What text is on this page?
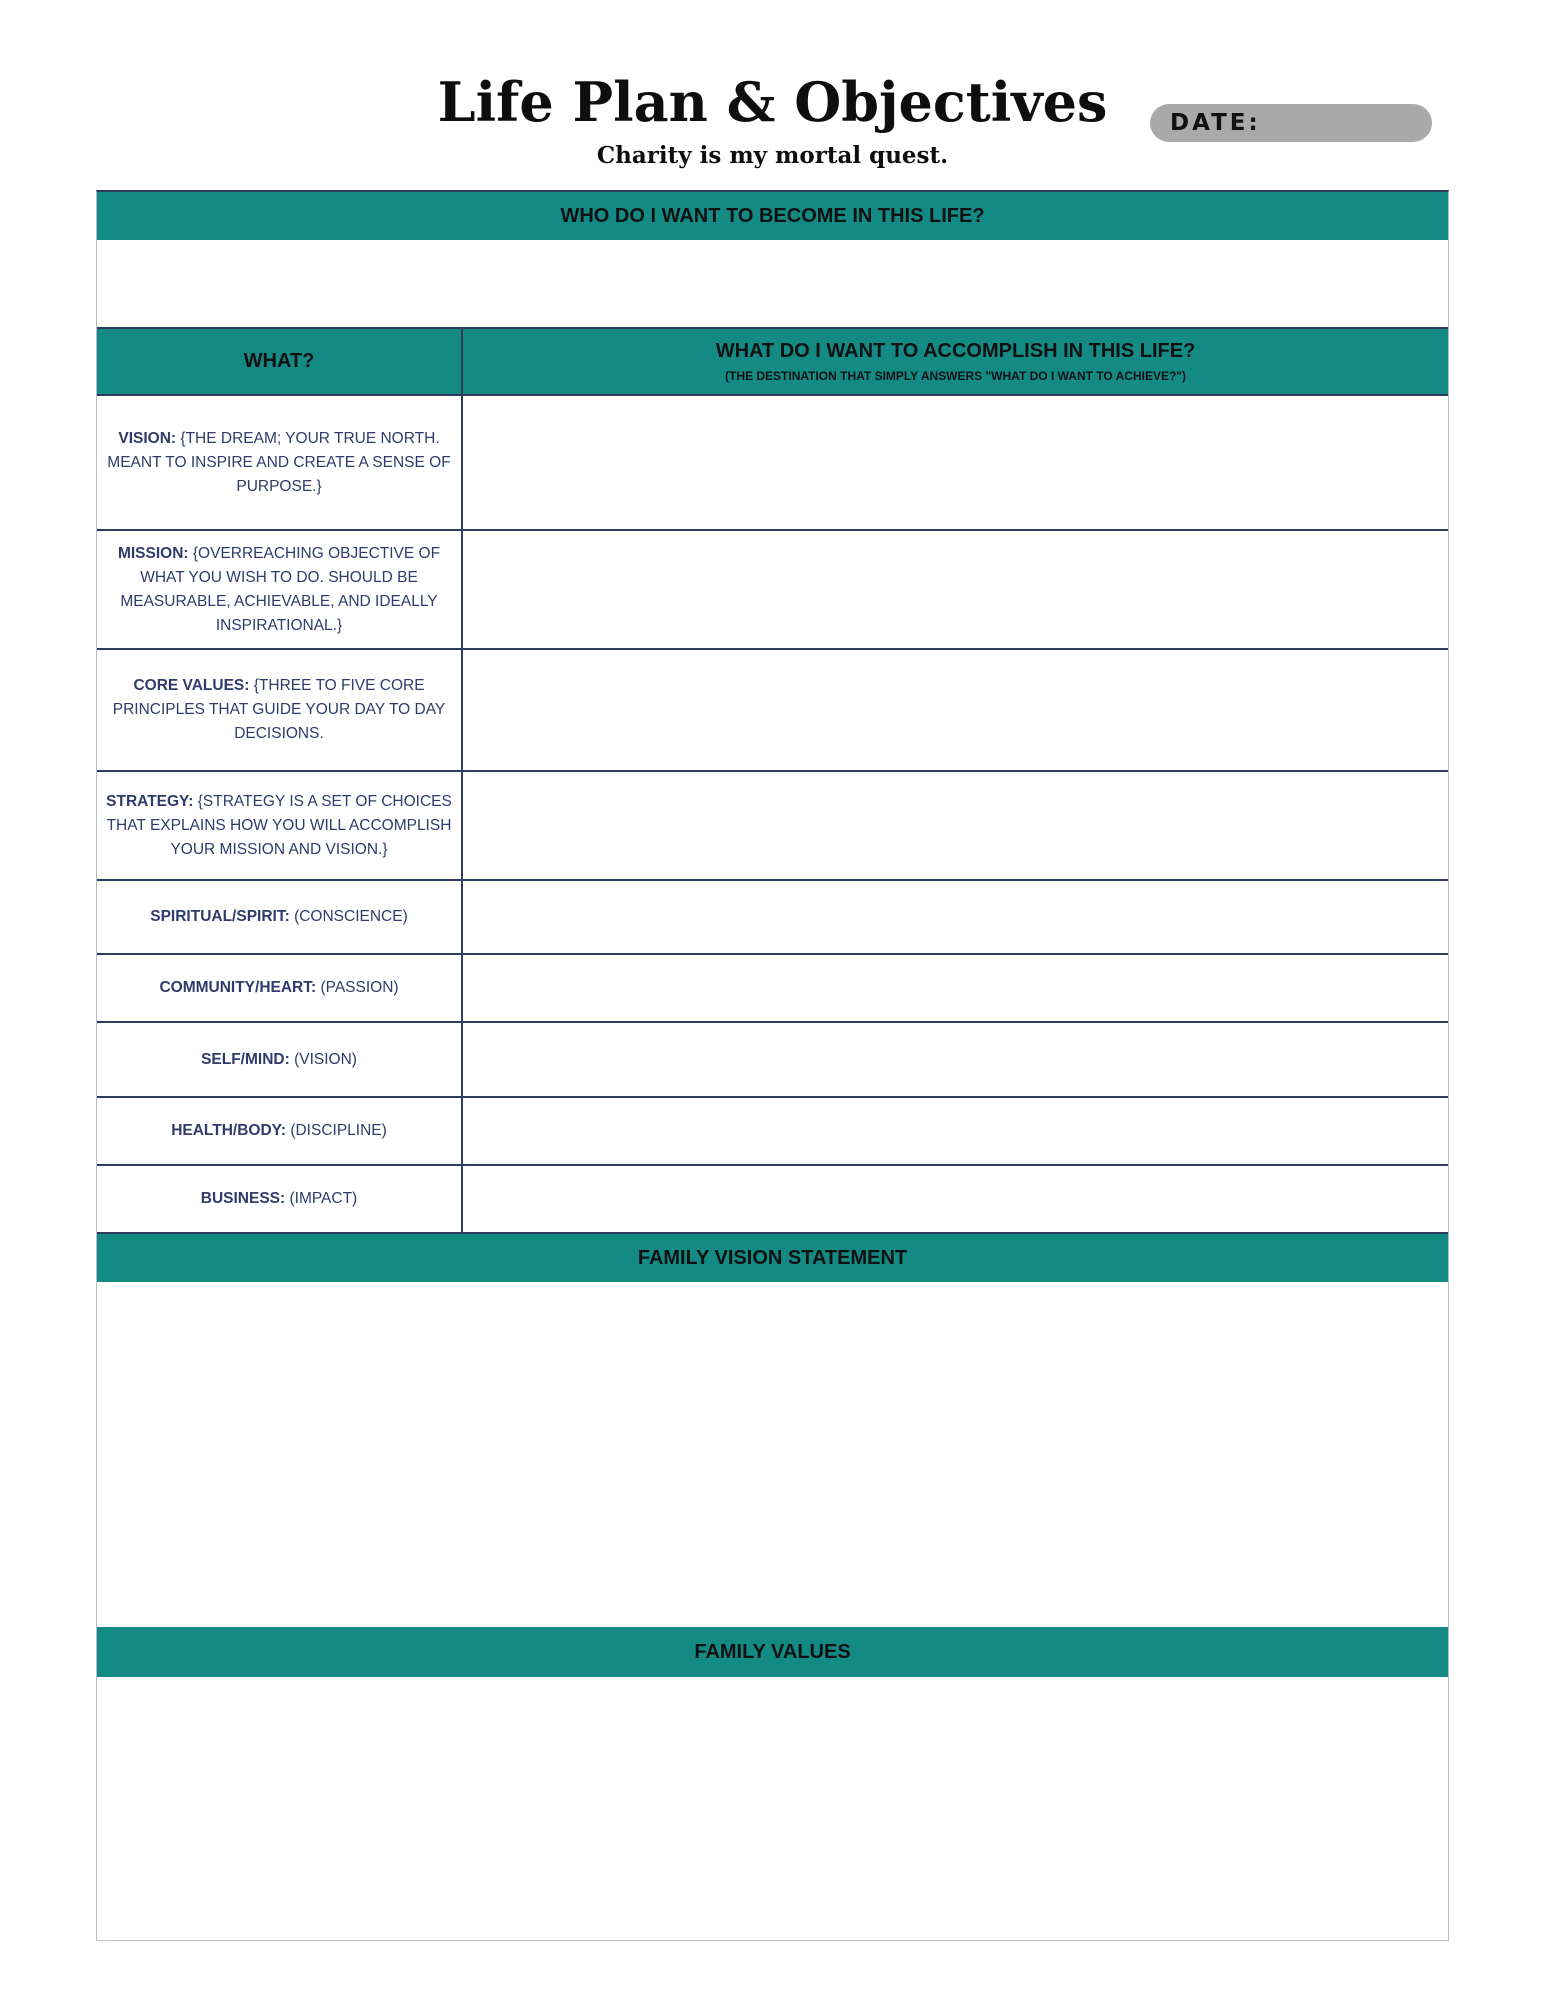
Life Plan & Objectives
Charity is my mortal quest.
DATE:
WHO DO I WANT TO BECOME IN THIS LIFE?
WHAT?	WHAT DO I WANT TO ACCOMPLISH IN THIS LIFE?
(THE DESTINATION THAT SIMPLY ANSWERS "WHAT DO I WANT TO ACHIEVE?")
VISION: {THE DREAM; YOUR TRUE NORTH. MEANT TO INSPIRE AND CREATE A SENSE OF PURPOSE.}
MISSION: {OVERREACHING OBJECTIVE OF WHAT YOU WISH TO DO. SHOULD BE MEASURABLE, ACHIEVABLE, AND IDEALLY INSPIRATIONAL.}
CORE VALUES: {THREE TO FIVE CORE PRINCIPLES THAT GUIDE YOUR DAY TO DAY DECISIONS.
STRATEGY: {STRATEGY IS A SET OF CHOICES THAT EXPLAINS HOW YOU WILL ACCOMPLISH YOUR MISSION AND VISION.}
SPIRITUAL/SPIRIT: (CONSCIENCE)
COMMUNITY/HEART: (PASSION)
SELF/MIND: (VISION)
HEALTH/BODY: (DISCIPLINE)
BUSINESS: (IMPACT)
FAMILY VISION STATEMENT
FAMILY VALUES
